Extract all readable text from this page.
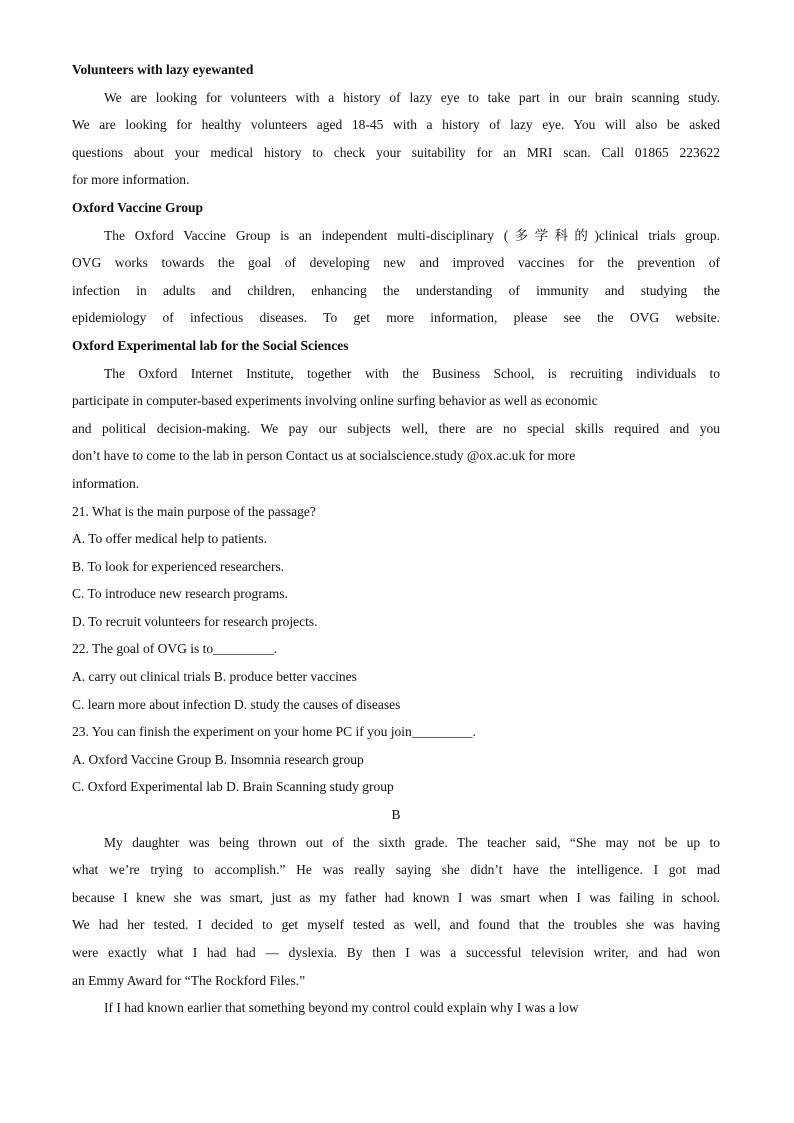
Volunteers with lazy eyewanted
We are looking for volunteers with a history of lazy eye to take part in our brain scanning study.
We are looking for healthy volunteers aged 18-45 with a history of lazy eye. You will also be asked
questions about your medical history to check your suitability for an MRI scan. Call 01865 223622
for more information.
Oxford Vaccine Group
The Oxford Vaccine Group is an independent multi-disciplinary (多学科的)clinical trials group.
OVG works towards the goal of developing new and improved vaccines for the prevention of
infection in adults and children, enhancing the understanding of immunity and studying the
epidemiology of infectious diseases. To get more information, please see the OVG website.
Oxford Experimental lab for the Social Sciences
The Oxford Internet Institute, together with the Business School, is recruiting individuals to
participate in computer-based experiments involving online surfing behavior as well as economic
and political decision-making. We pay our subjects well, there are no special skills required and you
don’t have to come to the lab in person Contact us at socialscience.study @ox.ac.uk for more
information.
21. What is the main purpose of the passage?
A. To offer medical help to patients.
B. To look for experienced researchers.
C. To introduce new research programs.
D. To recruit volunteers for research projects.
22. The goal of OVG is to_________.
A. carry out clinical trials B. produce better vaccines
C. learn more about infection D. study the causes of diseases
23. You can finish the experiment on your home PC if you join_________.
A. Oxford Vaccine Group B. Insomnia research group
C. Oxford Experimental lab D. Brain Scanning study group
B
My daughter was being thrown out of the sixth grade. The teacher said, “She may not be up to
what we’re trying to accomplish.” He was really saying she didn’t have the intelligence. I got mad
because I knew she was smart, just as my father had known I was smart when I was failing in school.
We had her tested. I decided to get myself tested as well, and found that the troubles she was having
were exactly what I had had — dyslexia. By then I was a successful television writer, and had won
an Emmy Award for “The Rockford Files.”
If I had known earlier that something beyond my control could explain why I was a low
